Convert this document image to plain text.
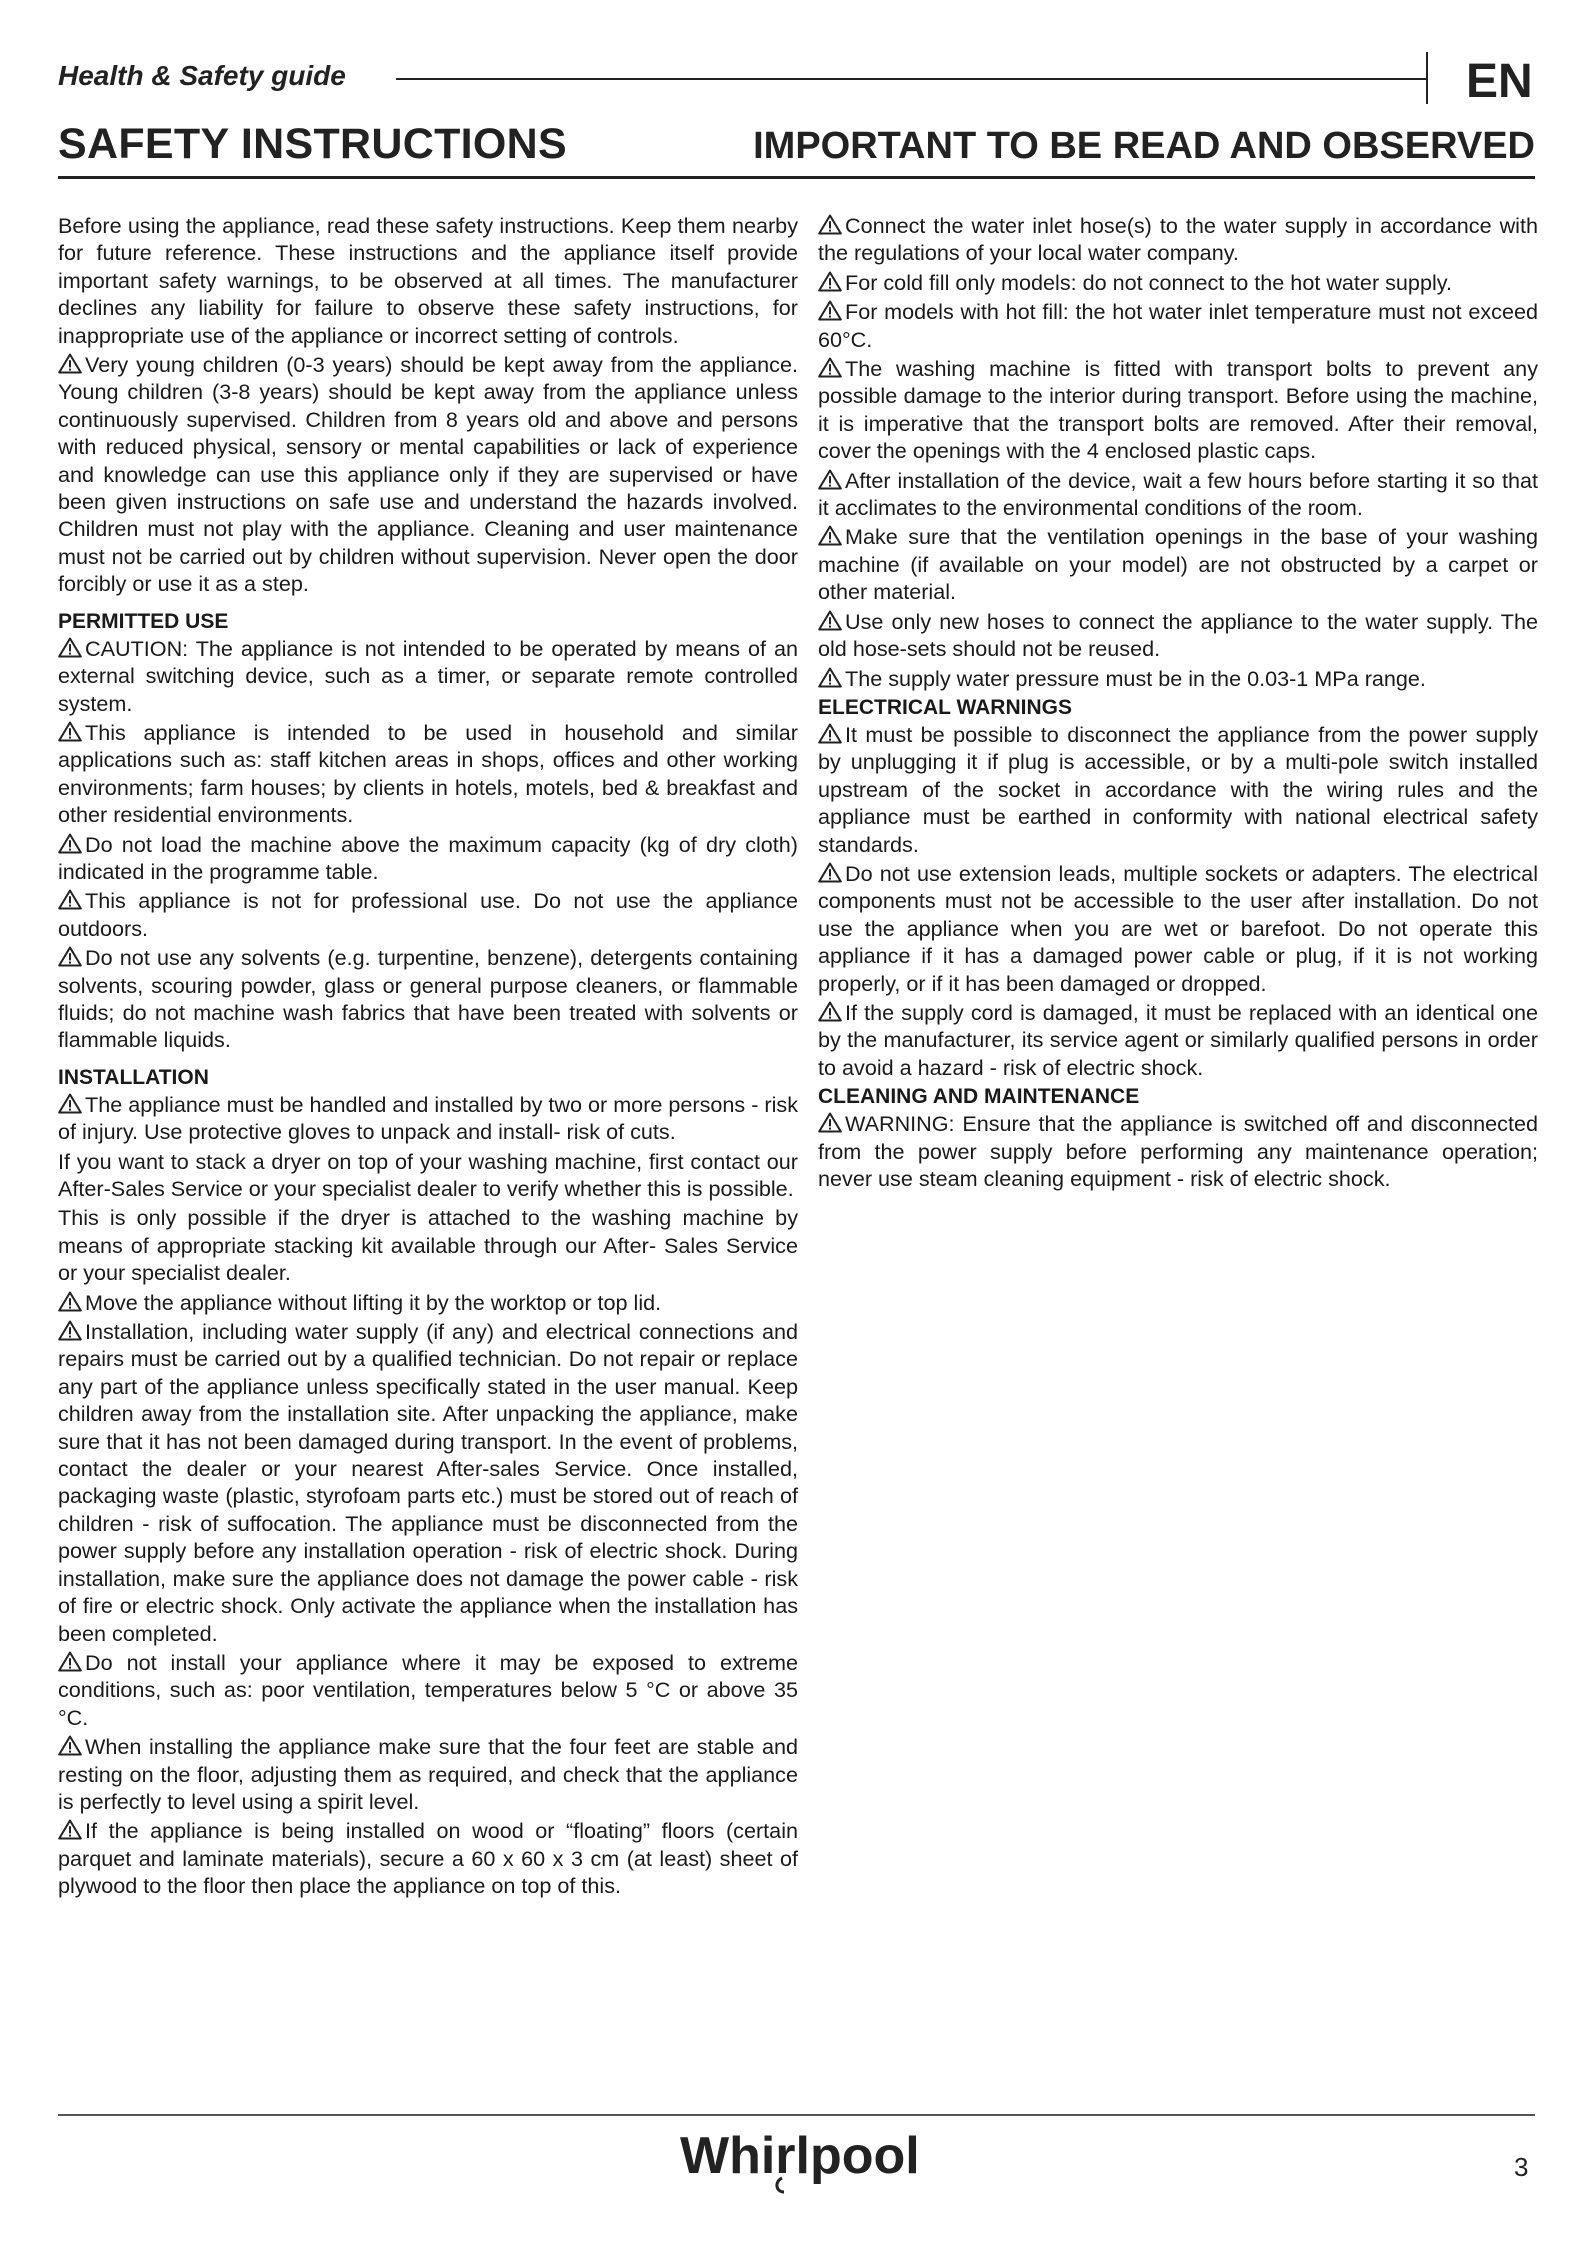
Health & Safety guide	EN
SAFETY INSTRUCTIONS	IMPORTANT TO BE READ AND OBSERVED

Before using the appliance, read these safety instructions. Keep them nearby for future reference. These instructions and the appliance itself provide important safety warnings, to be observed at all times. The manufacturer declines any liability for failure to observe these safety instructions, for inappropriate use of the appliance or incorrect setting of controls.

Very young children (0-3 years) should be kept away from the appliance. Young children (3-8 years) should be kept away from the appliance unless continuously supervised. Children from 8 years old and above and persons with reduced physical, sensory or mental capabilities or lack of experience and knowledge can use this appliance only if they are supervised or have been given instructions on safe use and understand the hazards involved. Children must not play with the appliance. Cleaning and user maintenance must not be carried out by children without supervision. Never open the door forcibly or use it as a step.

PERMITTED USE

CAUTION: The appliance is not intended to be operated by means of an external switching device, such as a timer, or separate remote controlled system.

This appliance is intended to be used in household and similar applications such as: staff kitchen areas in shops, offices and other working environments; farm houses; by clients in hotels, motels, bed & breakfast and other residential environments.

Do not load the machine above the maximum capacity (kg of dry cloth) indicated in the programme table.

This appliance is not for professional use. Do not use the appliance outdoors.

Do not use any solvents (e.g. turpentine, benzene), detergents containing solvents, scouring powder, glass or general purpose cleaners, or flammable fluids; do not machine wash fabrics that have been treated with solvents or flammable liquids.

INSTALLATION

The appliance must be handled and installed by two or more persons - risk of injury. Use protective gloves to unpack and install- risk of cuts.

If you want to stack a dryer on top of your washing machine, first contact our After-Sales Service or your specialist dealer to verify whether this is possible.

This is only possible if the dryer is attached to the washing machine by means of appropriate stacking kit available through our After- Sales Service or your specialist dealer.

Move the appliance without lifting it by the worktop or top lid.

Installation, including water supply (if any) and electrical connections and repairs must be carried out by a qualified technician. Do not repair or replace any part of the appliance unless specifically stated in the user manual. Keep children away from the installation site. After unpacking the appliance, make sure that it has not been damaged during transport. In the event of problems, contact the dealer or your nearest After-sales Service. Once installed, packaging waste (plastic, styrofoam parts etc.) must be stored out of reach of children - risk of suffocation. The appliance must be disconnected from the power supply before any installation operation - risk of electric shock. During installation, make sure the appliance does not damage the power cable - risk of fire or electric shock. Only activate the appliance when the installation has been completed.

Do not install your appliance where it may be exposed to extreme conditions, such as: poor ventilation, temperatures below 5 °C or above 35 °C.

When installing the appliance make sure that the four feet are stable and resting on the floor, adjusting them as required, and check that the appliance is perfectly to level using a spirit level.

If the appliance is being installed on wood or “floating” floors (certain parquet and laminate materials), secure a 60 x 60 x 3 cm (at least) sheet of plywood to the floor then place the appliance on top of this.

Connect the water inlet hose(s) to the water supply in accordance with the regulations of your local water company.

For cold fill only models: do not connect to the hot water supply.

For models with hot fill: the hot water inlet temperature must not exceed 60°C.

The washing machine is fitted with transport bolts to prevent any possible damage to the interior during transport. Before using the machine, it is imperative that the transport bolts are removed. After their removal, cover the openings with the 4 enclosed plastic caps.

After installation of the device, wait a few hours before starting it so that it acclimates to the environmental conditions of the room.

Make sure that the ventilation openings in the base of your washing machine (if available on your model) are not obstructed by a carpet or other material.

Use only new hoses to connect the appliance to the water supply. The old hose-sets should not be reused.

The supply water pressure must be in the 0.03-1 MPa range.

ELECTRICAL WARNINGS

It must be possible to disconnect the appliance from the power supply by unplugging it if plug is accessible, or by a multi-pole switch installed upstream of the socket in accordance with the wiring rules and the appliance must be earthed in conformity with national electrical safety standards.

Do not use extension leads, multiple sockets or adapters. The electrical components must not be accessible to the user after installation. Do not use the appliance when you are wet or barefoot. Do not operate this appliance if it has a damaged power cable or plug, if it is not working properly, or if it has been damaged or dropped.

If the supply cord is damaged, it must be replaced with an identical one by the manufacturer, its service agent or similarly qualified persons in order to avoid a hazard - risk of electric shock.

CLEANING AND MAINTENANCE

WARNING: Ensure that the appliance is switched off and disconnected from the power supply before performing any maintenance operation; never use steam cleaning equipment - risk of electric shock.

Whirlpool	3
